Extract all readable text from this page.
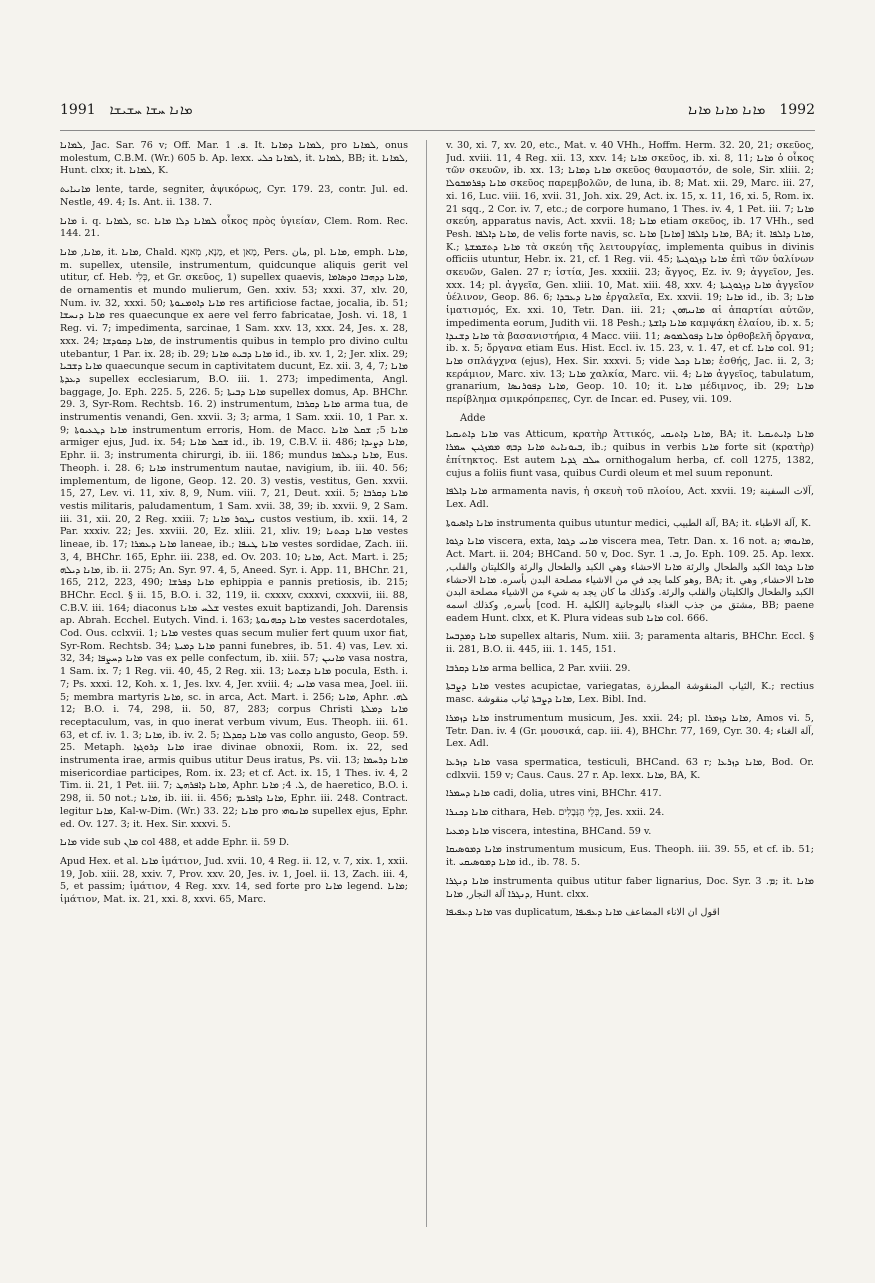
1991 ܡܐܢܐ ܚܫܐ ܚܫܝܫܐ	ܡܐܢܐ ܡܐܢܐ ܡܐܢܐ 1992

ܠܡܐܢܐ, Jac. Sar. 76 v; Off. Mar. ܦ. 1. It. ܠܡܐܢܐ ܕܡܐܢܐ, pro ܠܡܐܢܐ, onus molestum, C.B.M. (Wr.) 605 b. Ap. lexx. ܠܡܐܢܐ ܟܠܝ, it. ܠܡܐܢܐ, BB; it. ܠܡܐܢܐ, Hunt. clxx; it. ܠܡܐܢܐ, K.

ܡܐܢܝܐܝܬ lente, tarde, segniter, ἀψικόρως, Cyr. 179. 23, contr. Jul. ed. Nestle, 49. 4; Is. Ant. ii. 138. 7.

ܡܐܢܐ i. q. ܠܡܐܢܐ, sc. ܠܡܐܢܐ ܕܠܐ ܡܐܢܐ οἶκος πρὸς ὑγιείαν, Clem. Rom. Rec. 144. 21.

ܡܐܢܐ, ܡܐܢܐ, it. ܡܐܢܐ, Chald. מָנָא, מְאנָא, et מָאן, Pers. مان, pl. ܡܐܢܐ, emph. ܡܐܢܐ, m. supellex, utensile, instrumentum, quidcunque aliquis gerit vel utitur, cf. Heb. כְּלִי, et Gr. σκεῦος, 1) supellex quaevis, ܡܐܢܐ ܕܕܗܒܐ ܘܕܣܐܡܐ, de ornamentis et mundo mulierum, Gen. xxiv. 53; xxxi. 37, xlv. 20, Num. iv. 32, xxxi. 50; ܡܐܢܐ ܕܐܘܡܢܘܬܐ res artificiose factae, jocalia, ib. 51; ܡܐܢܐ ܕܢܚܫܐ res quaecunque ex aere vel ferro fabricatae, Josh. vi. 18, 1 Reg. vi. 7; impedimenta, sarcinae, 1 Sam. xxv. 13, xxx. 24, Jes. x. 28, xxx. 24; ܡܐܢܐ ܕܩܘܕܫܐ, de instrumentis quibus in templo pro divino cultu utebantur, 1 Par. ix. 28; ib. 29; ܡܐܢܐ ܕܒܝܬ ܡܐܢܐ id., ib. xv. 1, 2; Jer. xlix. 29; ܡܐܢܐ ܕܫܒܝܐ quaecunque secum in captivitatem ducunt, Ez. xii. 3, 4, 7; ܡܐܢܐ ܕܥܕܬܐ supellex ecclesiarum, B.O. iii. 1. 273; impedimenta, Angl. baggage, Jo. Eph. 225. 5, 226. 5; ܡܐܢܐ ܕܒܝܬܐ supellex domus, Ap. BHChr. 29. 3, Syr-Rom. Rechtsb. 16. 2) instrumentum, ܡܐܢܐ ܕܩܪܒܐ arma tua, de instrumentis venandi, Gen. xxvii. 3; 3; arma, 1 Sam. xxii. 10, 1 Par. x. 9; ܡܐܢܐ ܕܛܥܝܘܬܐ instrumentum erroris, Hom. de Macc. ܡܐܢܐ 5; ܫܩܠ ܡܐܢܐ armiger ejus, Jud. ix. 54; ܫܩܠ ܡܐܢܐ id., ib. 19, C.B.V. ii. 486; ܡܐܢܐ ܕܨܝܕܐ, Ephr. ii. 3; instrumenta chirurgi, ib. iii. 186; mundus ܡܐܢܐ ܕܥܠܡܐ, Eus. Theoph. i. 28. 6; ܡܐܢܐ instrumentum nautae, navigium, ib. iii. 40. 56; implementum, de ligone, Geop. 12. 20. 3) vestis, vestitus, Gen. xxvii. 15, 27, Lev. vi. 11, xiv. 8, 9, Num. viii. 7, 21, Deut. xxii. 5; ܡܐܢܐ ܕܩܪܒܐ vestis militaris, paludamentum, 1 Sam. xvii. 38, 39; ib. xxvii. 9, 2 Sam. iii. 31, xii. 20, 2 Reg. xxiii. 7; ܢܛܘܪ ܡܐܢܐ custos vestium, ib. xxii. 14, 2 Par. xxxiv. 22; Jes. xxviii. 20, Ez. xliii. 21, xliv. 19; ܡܐܢܐ ܕܟܬܢܐ vestes lineae, ib. 17; ܡܐܢܐ ܕܥܡܪܐ laneae, ib.; ܡܐܢܐ ܛܢܦܐ vestes sordidae, Zach. iii. 3, 4, BHChr. 165, Ephr. iii. 238, ed. Ov. 203. 10; ܡܐܢܐ, Act. Mart. i. 25; ܡܐܢܐ ܕܝܠܗ, ib. ii. 275; An. Syr. 97. 4, 5, Aneed. Syr. i. App. 11, BHChr. 21, 165, 212, 223, 490; ܡܐܢܐ ܕܦܪܫܐ ephippia e pannis pretiosis, ib. 215; BHChr. Eccl. § ii. 15, B.O. i. 32, 119, ii. cxxxv, cxxxvi, cxxxvii, iii. 88, C.B.V. iii. 164; diaconus ܫܠܚ ܡܐܢܐ vestes exuit baptizandi, Joh. Darensis ap. Abrah. Ecchel. Eutych. Vind. i. 163; ܡܐܢܐ ܕܟܗܢܘܬܐ vestes sacerdotales, Cod. Ous. cclxvii. 1; ܡܐܢܐ vestes quas secum mulier fert quum uxor fiat, Syr-Rom. Rechtsb. 34; ܡܐܢܐ ܕܡܝܬܐ panni funebres, ib. 51. 4) vas, Lev. xi. 32, 34; ܡܐܢܐ ܕܚܨܦܐ vas ex pelle confectum, ib. xiii. 57; ܡܐܢܝܢ vasa nostra, 1 Sam. ix. 7; 1 Reg. vii. 40, 45, 2 Reg. xii. 13; ܡܐܢܐ ܕܫܬܝܐ pocula, Esth. i. 7; Ps. xxxi. 12, Koh. x. 1, Jes. lxv. 4, Jer. xviii. 4; ܡܐܢܝ vasa mea, Joel. iii. 5; membra martyris ܡܐܢܐ, sc. in arca, Act. Mart. i. 256; ܡܐܢܐ, Aphr. ܠܗ. 12; B.O. i. 74, 298, ii. 50, 87, 283; corpus Christi ܡܐܢܐ ܕܡܠܬܐ receptaculum, vas, in quo inerat verbum vivum, Eus. Theoph. iii. 61. 63, et cf. iv. 1. 3; ܡܐܢܐ, ib. iv. 2. 5; ܡܐܢܐ ܕܩܕܠܐ vas collo angusto, Geop. 59. 25. Metaph. ܡܐܢܐ ܕܪܘܓܙܐ irae divinae obnoxii, Rom. ix. 22, sed instrumenta irae, armis quibus utitur Deus iratus, Ps. vii. 13; ܡܐܢܐ ܕܪܚܡܐ misericordiae participes, Rom. ix. 23; et cf. Act. ix. 15, 1 Thes. iv. 4, 2 Tim. ii. 21, 1 Pet. iii. 7; ܡܐܢܐ ܕܐܦܪܗܛ, Aphr. ܠ. 4; ܡܐܢܐ, de haeretico, B.O. i. 298, ii. 50 not.; ܡܐܢܐ, ib. iii. ii. 456; ܡܐܢܐ ܕܐܦܪܝܡ, Ephr. iii. 248. Contract. legitur ܡܐܢܐ, Kal-w-Dim. (Wr.) 33. 22; ܡܐܢܐ pro ܡܐܢܘܗܝ supellex ejus, Ephr. ed. Ov. 127. 3; it. Hex. Sir. xxxvi. 5.

ܡܐܢܐ vide sub ܡܐܢ col 488, et adde Ephr. ii. 59 D.

Apud Hex. et al. ܡܐܢܐ ἱμάτιον, Jud. xvii. 10, 4 Reg. ii. 12, v. 7, xix. 1, xxii. 19, Job. xiii. 28, xxiv. 7, Prov. xxv. 20, Jes. iv. 1, Joel. ii. 13, Zach. iii. 4, 5, et passim; ἱμάτιον, 4 Reg. xxv. 14, sed forte pro ܡܐܢܐ legend. ܡܐܢܐ; ἱμάτιον, Mat. ix. 21, xxi. 8, xxvi. 65, Marc.

v. 30, xi. 7, xv. 20, etc., Mat. v. 40 VHh., Hoffm. Herm. 32. 20, 21; σκεῦος, Jud. xviii. 11, 4 Reg. xii. 13, xxv. 14; ܡܐܢܐ σκεῦος, ib. xi. 8, 11; ܡܐܢܐ ὁ οἶκος τῶν σκευῶν, ib. xx. 13; ܡܐܢܐ ܕܡܐܢܐ σκεῦος θαυμαστόν, de sole, Sir. xliii. 2; ܡܐܢܐ ܕܦܪܡܒܘܠܐ σκεῦος παρεμβολῶν, de luna, ib. 8; Mat. xii. 29, Marc. iii. 27, xi. 16, Luc. viii. 16, xvii. 31, Joh. xix. 29, Act. ix. 15, x. 11, 16, xi. 5, Rom. ix. 21 sqq., 2 Cor. iv. 7, etc.; de corpore humano, 1 Thes. iv. 4, 1 Pet. iii. 7; ܡܐܢܐ σκεύη, apparatus navis, Act. xxvii. 18; ܡܐܢܐ etiam σκεῦος, ib. 17 VHh., sed Pesh. ܡܐܢܐ ܕܐܠܦܐ, de velis forte navis, sc. ܡܐܢܐ ܕܐܠܦܐ [ܡܐܢܐ] ܡܐܢܐ, BA; it. ܡܐܢܐ ܕܐܠܦܐ, K.; ܡܐܢܐ ܕܬܫܡܫܬܐ τὰ σκεύη τῆς λειτουργίας, implementa quibus in divinis officiis utuntur, Hebr. ix. 21, cf. 1 Reg. vii. 45; ܡܐܢܐ ܕܙܓܘܓܝܬܐ ἐπὶ τῶν ὑαλίνων σκευῶν, Galen. 27 r; ἱστία, Jes. xxxiii. 23; ἄγγος, Ez. iv. 9; ἀγγεῖον, Jes. xxx. 14; pl. ἀγγεῖα, Gen. xliii. 10, Mat. xiii. 48, xxv. 4; ܡܐܢܐ ܕܙܓܘܓܝܬܐ ἀγγεῖον ὑέλινον, Geop. 86. 6; ܡܐܢܐ ܕܥܒܕܐ ἐργαλεῖα, Ex. xxvii. 19; ܡܐܢܐ id., ib. 3; ܡܐܢܐ ἱματισμός, Ex. xxi. 10, Tetr. Dan. iii. 21; ܡܐܢܝܗܘܢ αἱ ἀπαρτίαι αὐτῶν, impedimenta eorum, Judith vii. 18 Pesh.; ܡܐܢܐ ܕܐܫܬܐ καμψάκη ἐλαίου, ib. x. 5; ܡܐܢܐ ܕܫܢܕܐ τὰ βασανιστήρια, 4 Macc. viii. 11; ܡܐܢܐ ܕܦܘܠܡܘܣ ὀρθοβελῆ ὄργανα, ib. x. 5; ὄργανα etiam Eus. Hist. Eccl. iv. 15. 23, v. 1. 47, et cf. ܡܐܢܐ col. 91; ܡܐܢܐ σπλάγχνα (ejus), Hex. Sir. xxxvi. 5; vide ܡܐܢܐ ܕܟܠ; ἐσθής, Jac. ii. 2, 3; κεράμιον, Marc. xiv. 13; ܡܐܢܐ χαλκία, Marc. vii. 4; ܡܐܢܐ ἀγγεῖος, tabulatum, granarium, ܡܐܢܐ ܕܦܘܪܢܣܐ, Geop. 10. 10; it. ܡܐܢܐ μέδιμνος, ib. 29; ܡܐܢܐ περίβλημα σμικρόπρεπες, Cyr. de Incar. ed. Pusey, vii. 109.

Adde

ܡܐܢܐ ܕܐܬܝܩܝܐ vas Atticum, κρατὴρ Ἀττικός, ܡܐܢܐ ܕܐܬܝܩܝ, BA; it. ܡܐܢܐ ܕܐܝܬܝܩܝܐ ܒܝܘܢܐܝܬ ܡܐܢܐ ܕܒܗ ܡܡܙܓܝܢ ܚܡܪܐ, ib.; quibus in verbis ܡܐܢܐ forte sit (κρατὴρ) ἐπίτηκτος. Est autem ܚܠܒ ܓܕܝܐ ornithogalum herba, cf. coll 1275, 1382, cujus a foliis fiunt vasa, quibus Curdi oleum et mel suum reponunt.

ܡܐܢܐ ܕܐܠܦܐ armamenta navis, ἡ σκευὴ τοῦ πλοίου, Act. xxvii. 19; آلات السفينة, Lex. Adl.

ܡܐܢܐ ܕܐܣܝܘܬܐ instrumenta quibus utuntur medici, آلة الطبيب, BA; it. آلة الاطباء, K.

ܡܐܢܐ ܕܓܘܐ viscera, exta, ܡܐܢܝ ܕܓܘܐ viscera mea, Tetr. Dan. x. 16 not. a; ܡܐܢܘܗܝ, Act. Mart. ii. 204; BHCand. 50 v, Doc. Syr. ܒ. 1, Jo. Eph. 109. 25. Ap. lexx. ܡܐܢܐ ܕܓܘܐ الكبد والطحال والرئة ܡܐܢܐ الاحشاء وهي الكبد والطحال والرئة والكليتان والقلب, وهو كلما يجد في من الاشياء مصلحة البدن بأسره. ܡܐܢܐ الاحشاء, BA; it. ܡܐܢܐ الاحشاء, وهي الكبد والطحال والكليتان والقلب والرئة. وكذلك ما كان يجد به شيء من الاشياء مصلحة البدن بأسره, وكذلك اسمه [cod. H. الكلية] مشتق من جذب الغذاء بالبوجانية, BB; paene eadem Hunt. clxx, et K. Plura videas sub ܡܐܢܐ col. 666.

ܡܐܢܐ ܕܡܕܒܚܐ supellex altaris, Num. xiii. 3; paramenta altaris, BHChr. Eccl. § ii. 281, B.O. ii. 445, iii. 1. 145, 151.

ܡܐܢܐ ܕܩܪܒܐ arma bellica, 2 Par. xviii. 29.

ܡܐܢܐ ܕܨܒܬܐ vestes acupictae, variegatas, الثياب المنقوشة المطرزة, K.; rectius masc. ܡܐܢܐ ܕܨܒܬܐ ثياب منقوشة, Lex. Bibl. Ind.

ܡܐܢܐ ܕܙܡܪܐ instrumentum musicum, Jes. xxii. 24; pl. ܡܐܢܐ ܕܙܡܪܐ, Amos vi. 5, Tetr. Dan. iv. 4 (Gr. μουσικά, cap. iii. 4), BHChr. 77, 169, Cyr. 30. 4; آلة الغناء, Lex. Adl.

ܡܐܢܐ ܕܙܪܥܐ vasa spermatica, testiculi, BHCand. 63 r; ܡܐܢܐ ܕܙܪܥܐ, Bod. Or. cdlxvii. 159 v; Caus. Caus. 27 r. Ap. lexx. ܡܐܢܐ, BA, K.

ܡܐܢܐ ܕܚܡܪܐ cadi, dolia, utres vini, BHChr. 417.

ܡܐܢܐ ܕܟܢܪܐ cithara, Heb. כְּלֵי הַנְּבָלִים, Jes. xxii. 24.

ܡܐܢܐ ܕܡܥܝܐ viscera, intestina, BHCand. 59 v.

ܡܐܢܐ ܕܡܘܣܝܩܐ instrumentum musicum, Eus. Theoph. iii. 39. 55, et cf. ib. 51; it. ܡܐܢܐ ܕܡܘܣܝܩܝ id., ib. 78. 5.

ܡܐܢܐ ܕܢܓܪܐ instrumenta quibus utitur faber lignarius, Doc. Syr. ܡ. 3; it. ܡܐܢܐ ܕܢܓܪܐ آلة النجار, ܡܐܢܐ, Hunt. clxx.

ܡܐܢܐ ܕܥܦܝܦܐ vas duplicatum, اقول ان الاناء المضاعف ܡܐܢܐ ܕܥܦܝܦܐ
